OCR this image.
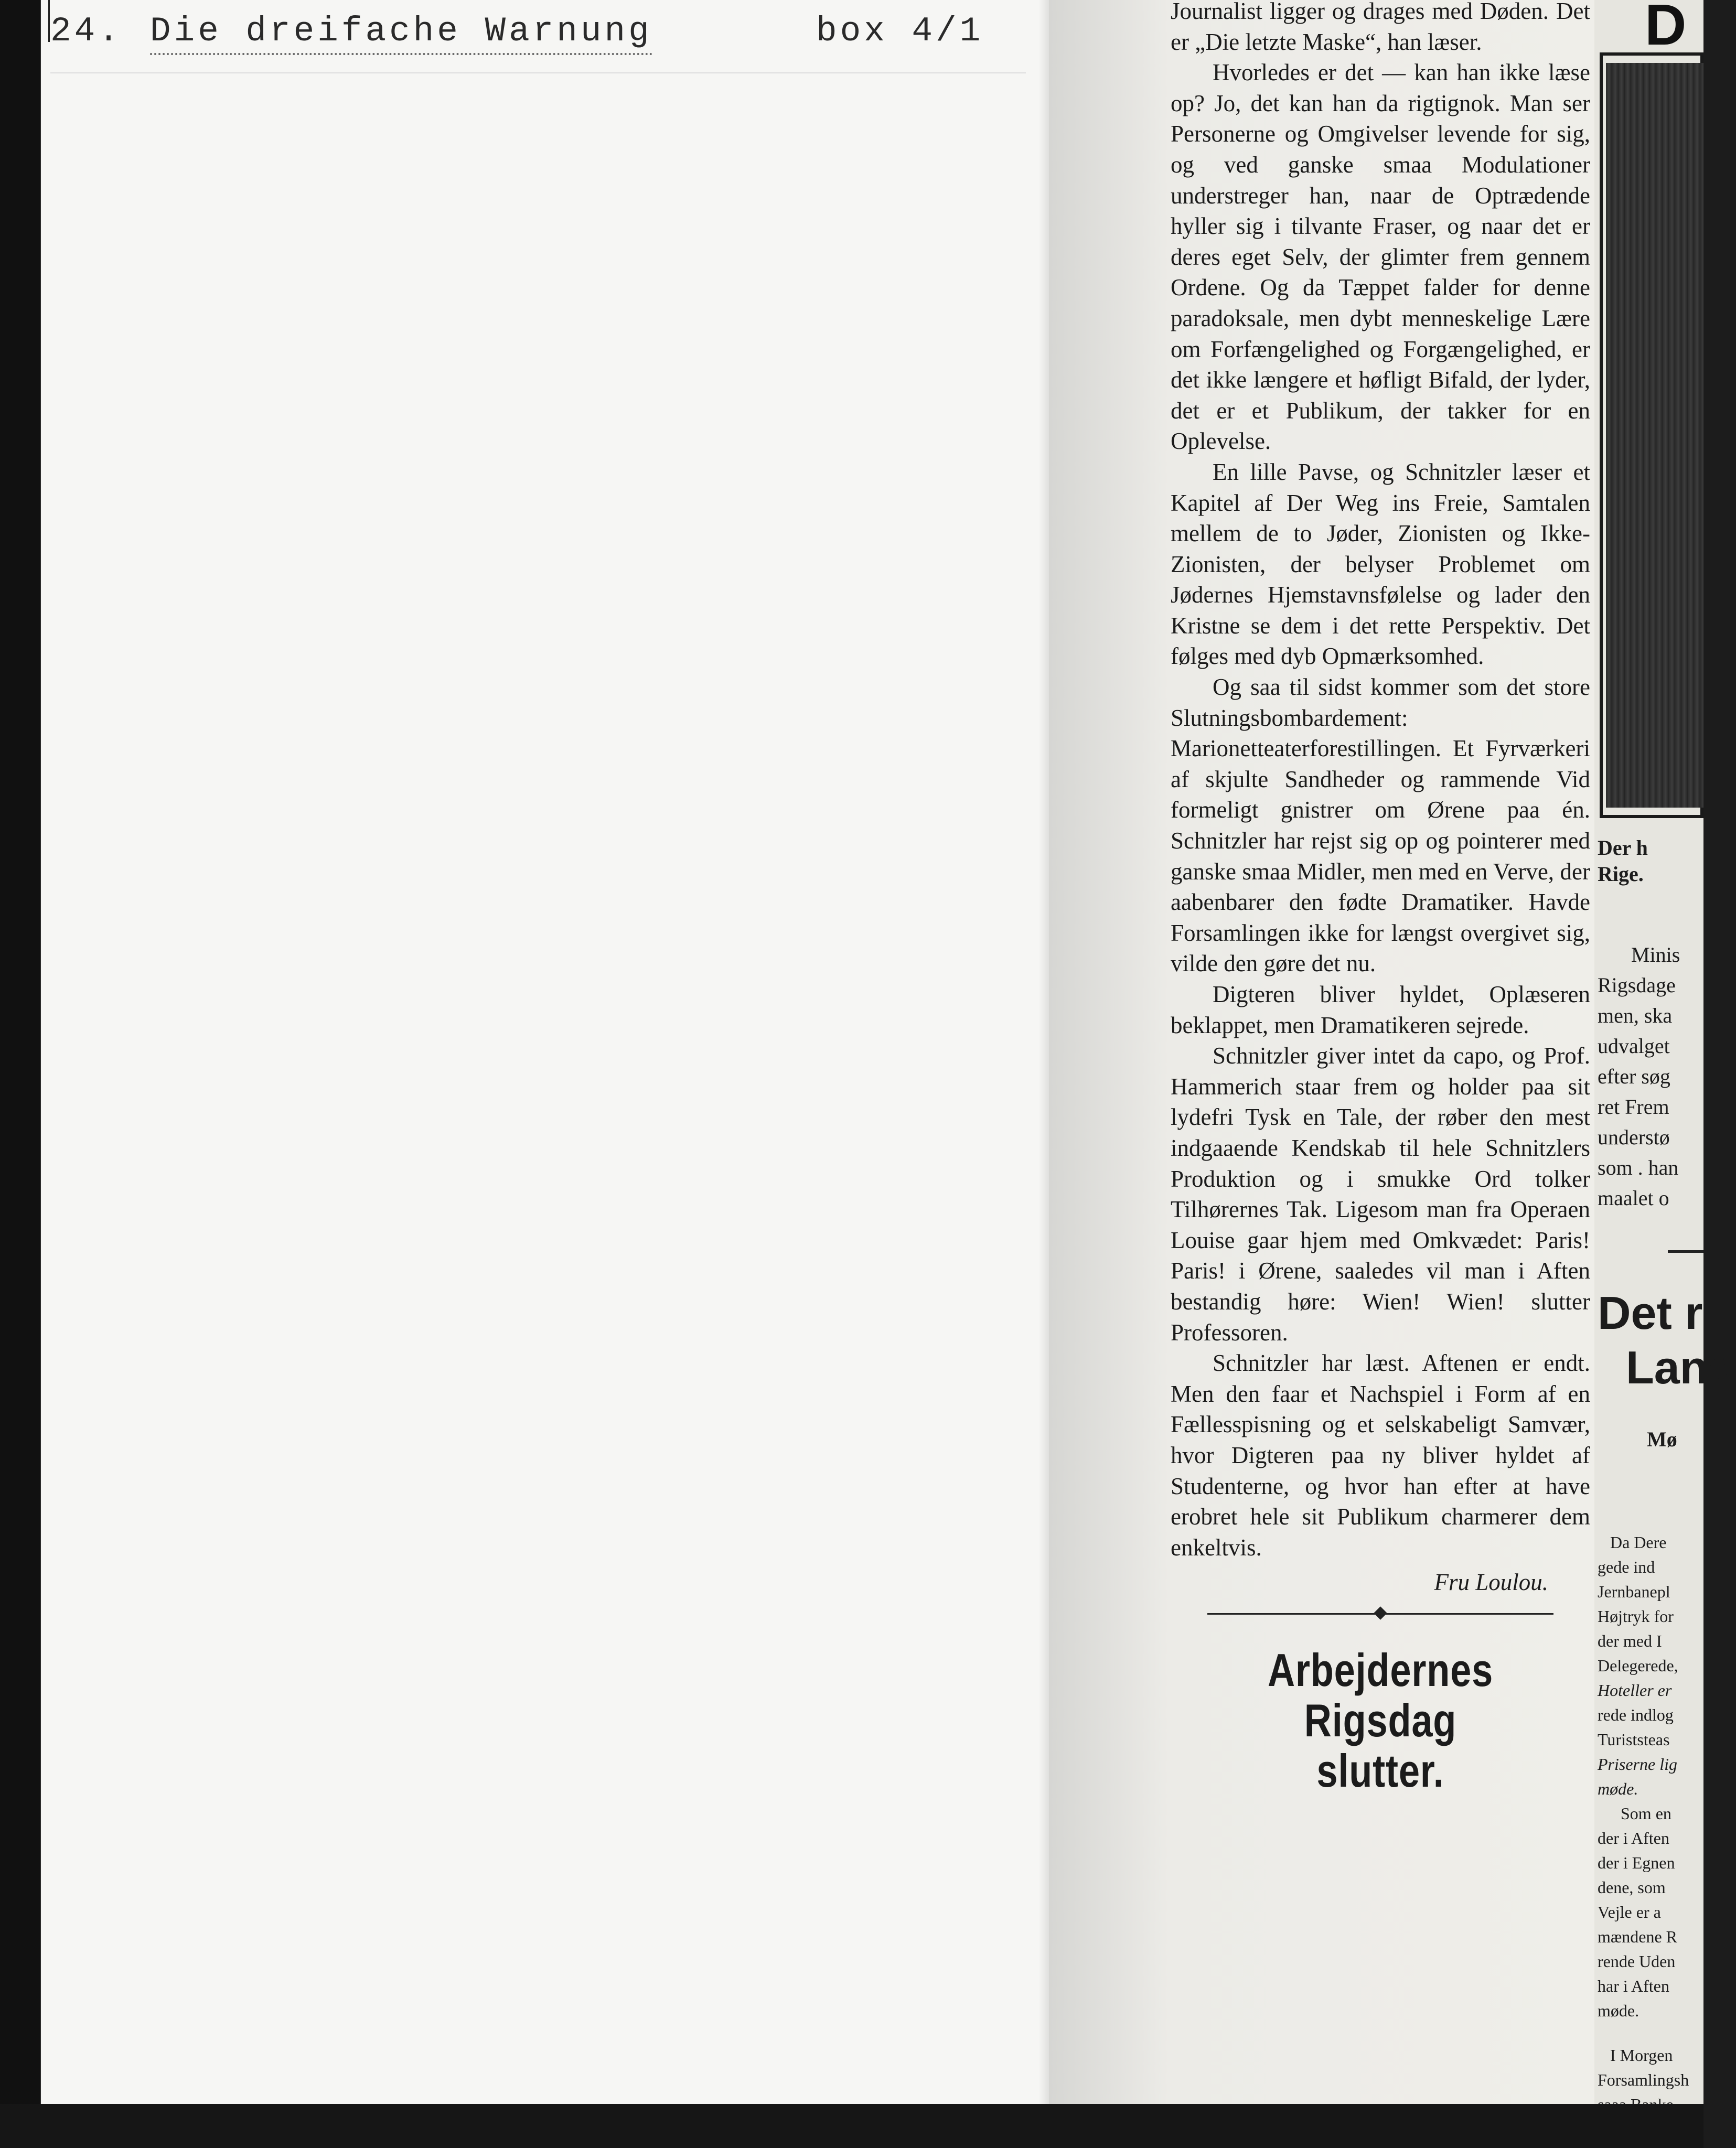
24. Die dreifache Warnung	box 4/1

Journalist ligger og drages med Døden. Det er „Die letzte Maske“, han læser.

Hvorledes er det — kan han ikke læse op? Jo, det kan han da rigtignok. Man ser Personerne og Omgivelser levende for sig, og ved ganske smaa Modulationer understreger han, naar de Optrædende hyller sig i tilvante Fraser, og naar det er deres eget Selv, der glimter frem gennem Ordene. Og da Tæppet falder for denne paradoksale, men dybt menneskelige Lære om Forfængelighed og Forgængelighed, er det ikke længere et høfligt Bifald, der lyder, det er et Publikum, der takker for en Oplevelse.

En lille Pavse, og Schnitzler læser et Kapitel af Der Weg ins Freie, Samtalen mellem de to Jøder, Zionisten og Ikke-Zionisten, der belyser Problemet om Jødernes Hjemstavnsfølelse og lader den Kristne se dem i det rette Perspektiv. Det følges med dyb Opmærksomhed.

Og saa til sidst kommer som det store Slutningsbombardement: Marionetteaterforestillingen. Et Fyrværkeri af skjulte Sandheder og rammende Vid formeligt gnistrer om Ørene paa én. Schnitzler har rejst sig op og pointerer med ganske smaa Midler, men med en Verve, der aabenbarer den fødte Dramatiker. Havde Forsamlingen ikke for længst overgivet sig, vilde den gøre det nu.

Digteren bliver hyldet, Oplæseren beklappet, men Dramatikeren sejrede.

Schnitzler giver intet da capo, og Prof. Hammerich staar frem og holder paa sit lydefri Tysk en Tale, der røber den mest indgaaende Kendskab til hele Schnitzlers Produktion og i smukke Ord tolker Tilhørernes Tak. Ligesom man fra Operaen Louise gaar hjem med Omkvædet: Paris! Paris! i Ørene, saaledes vil man i Aften bestandig høre: Wien! Wien! slutter Professoren.

Schnitzler har læst. Aftenen er endt. Men den faar et Nachspiel i Form af en Fællesspisning og et selskabeligt Samvær, hvor Digteren paa ny bliver hyldet af Studenterne, og hvor han efter at have erobret hele sit Publikum charmerer dem enkeltvis.

Fru Loulou.

Arbejdernes Rigsdag
slutter.
D
Der h
Rige.
Minis
Rigsdage
men, ska
udvalget
efter søg
ret Frem
understø
som . han
maalet o
Det r
Land
Mø
Da Dere
gede ind
Jernbanepl
Højtryk for
der med I
Delegerede,
Hoteller er
rede indlog
Turiststeas
Priserne lig
møde.
Som en
der i Aften
der i Egnen
dene, som
Vejle er a
mændene R
rende Uden
har i Aften
møde.
I Morgen
Forsamlingsh
